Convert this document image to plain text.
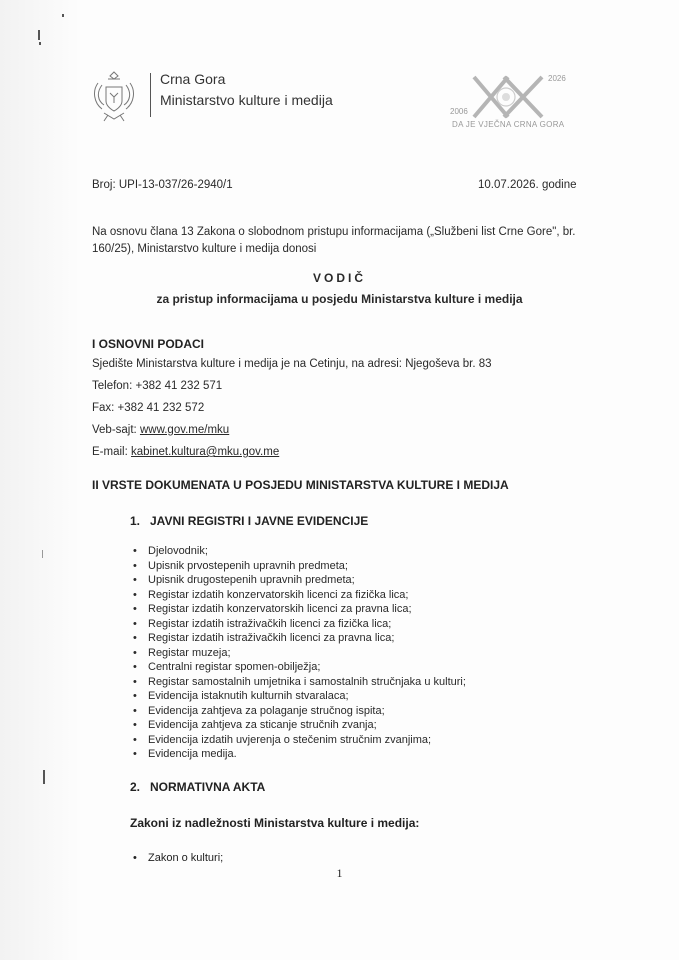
Crna Gora
Ministarstvo kulture i medija
2006
2026
DA JE VJEČNA CRNA GORA
Broj: UPI-13-037/26-2940/1	10.07.2026. godine
Na osnovu člana 13 Zakona o slobodnom pristupu informacijama („Službeni list Crne Gore", br. 160/25), Ministarstvo kulture i medija donosi
VODIČ
za pristup informacijama u posjedu Ministarstva kulture i medija
I OSNOVNI PODACI
Sjedište Ministarstva kulture i medija je na Cetinju, na adresi: Njegoševa br. 83
Telefon: +382 41 232 571
Fax: +382 41 232 572
Veb-sajt: www.gov.me/mku
E-mail: kabinet.kultura@mku.gov.me
II VRSTE DOKUMENATA U POSJEDU MINISTARSTVA KULTURE I MEDIJA
1. JAVNI REGISTRI I JAVNE EVIDENCIJE
• Djelovodnik;
• Upisnik prvostepenih upravnih predmeta;
• Upisnik drugostepenih upravnih predmeta;
• Registar izdatih konzervatorskih licenci za fizička lica;
• Registar izdatih konzervatorskih licenci za pravna lica;
• Registar izdatih istraživačkih licenci za fizička lica;
• Registar izdatih istraživačkih licenci za pravna lica;
• Registar muzeja;
• Centralni registar spomen-obilježja;
• Registar samostalnih umjetnika i samostalnih stručnjaka u kulturi;
• Evidencija istaknutih kulturnih stvaralaca;
• Evidencija zahtjeva za polaganje stručnog ispita;
• Evidencija zahtjeva za sticanje stručnih zvanja;
• Evidencija izdatih uvjerenja o stečenim stručnim zvanjima;
• Evidencija medija.
2. NORMATIVNA AKTA
Zakoni iz nadležnosti Ministarstva kulture i medija:
• Zakon o kulturi;
1
